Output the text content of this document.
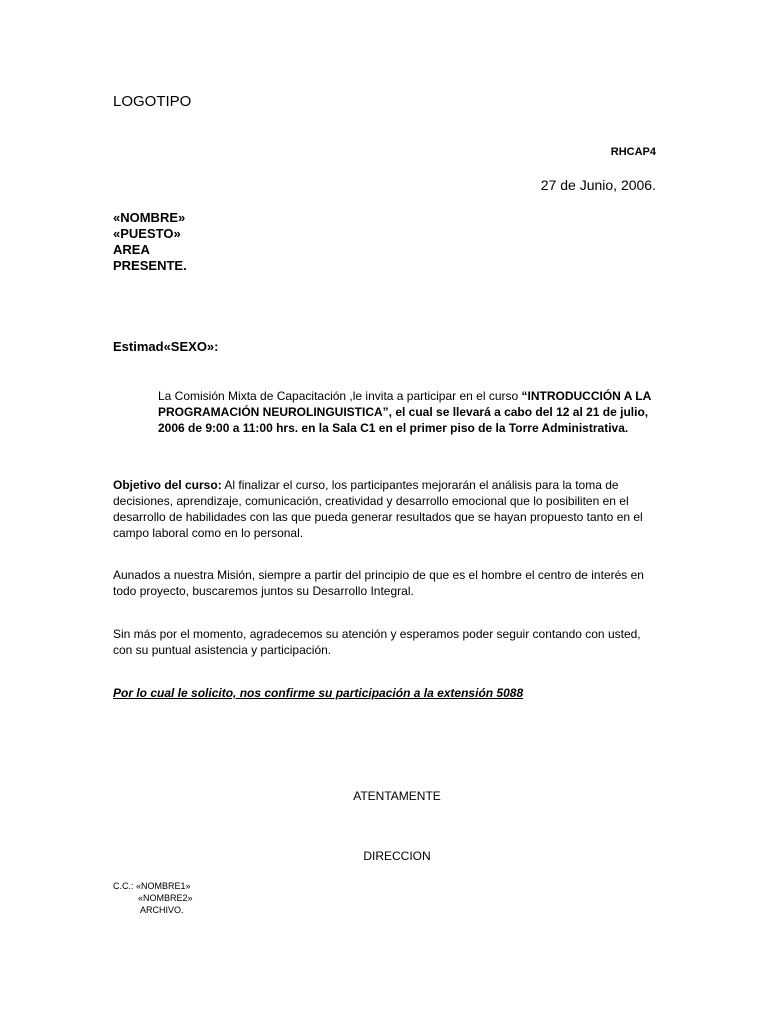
LOGOTIPO
RHCAP4
27 de Junio, 2006.
«NOMBRE»
«PUESTO»
AREA
PRESENTE.
Estimad«SEXO»:
La Comisión Mixta de Capacitación ,le invita a participar en el curso “INTRODUCCIÓN A LA PROGRAMACIÓN NEUROLINGUISTICA”, el cual se llevará a cabo del 12 al 21 de julio, 2006 de 9:00 a 11:00 hrs. en la Sala C1 en el primer piso de la Torre Administrativa.
Objetivo del curso: Al finalizar el curso, los participantes mejorarán el análisis para la toma de decisiones, aprendizaje, comunicación, creatividad y desarrollo emocional que lo posibiliten en el desarrollo de habilidades con las que pueda generar resultados que se hayan propuesto tanto en el campo laboral como en lo personal.
Aunados a nuestra Misión, siempre a partir del principio de que es el hombre el centro de interés en todo proyecto, buscaremos juntos su Desarrollo Integral.
Sin más por el momento, agradecemos su atención y esperamos poder seguir contando con usted, con su puntual asistencia y participación.
Por lo cual le solicito, nos confirme su participación a la extensión 5088
ATENTAMENTE
DIRECCION
C.C.: «NOMBRE1»
«NOMBRE2»
ARCHIVO.
